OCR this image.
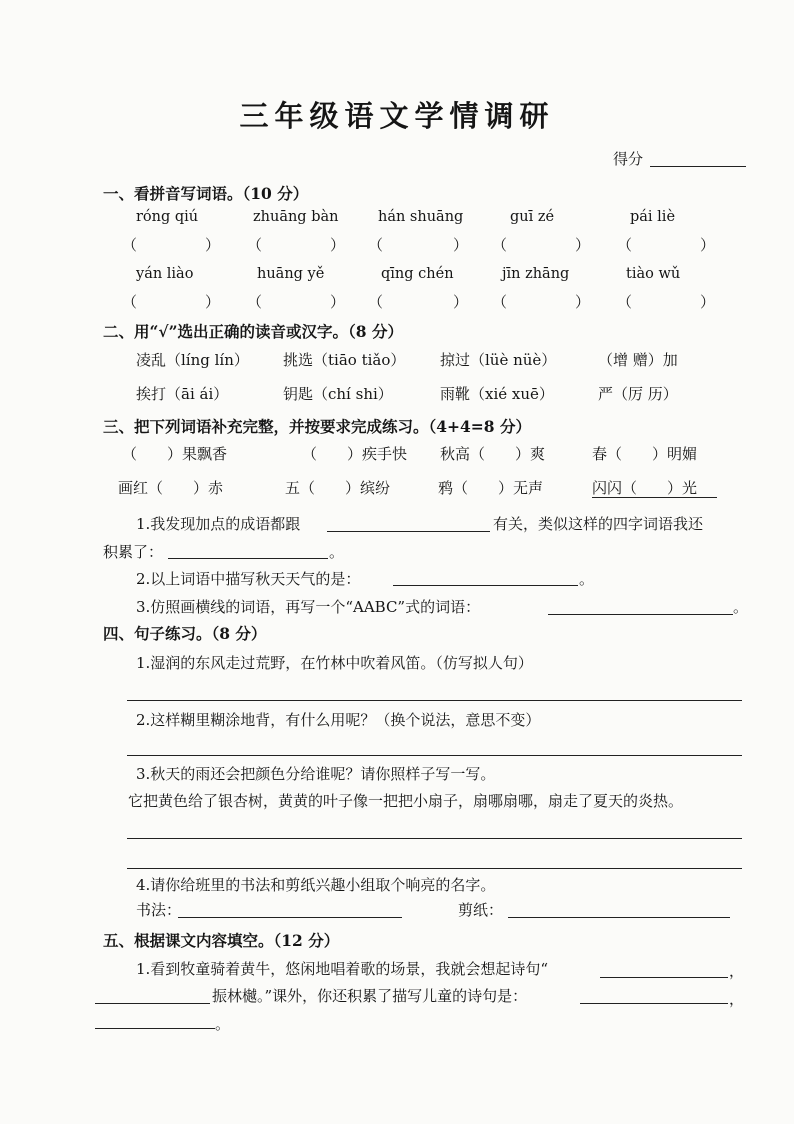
三年级语文学情调研
得分
一、看拼音写词语。（10 分）
róng qiú	zhuāng bàn	hán shuāng	guī zé	pái liè
（	） （	） （	） （	） （	）
yán liào	huāng yě	qīng chén	jīn zhāng	tiào wǔ
（	） （	） （	） （	） （	）
二、用“√”选出正确的读音或汉字。（8 分）
凌乱（líng lín） 挑选（tiāo tiǎo） 掠过（lüè nüè）	（增 赠）加
挨打（āi ái）	钥匙（chí shi）	雨靴（xié xuē）	严（厉 历）
三、把下列词语补充完整，并按要求完成练习。（4+4=8 分）
（　　）果飘香	（　　）疾手快 秋高（　　）爽	春（　　）明媚
画红（　　）赤	五（　　）缤纷	鸦（　　）无声	闪闪（　　）光
1.我发现加点的成语都跟	有关，类似这样的四字词语我还
积累了：	。
2.以上词语中描写秋天天气的是：	。
3.仿照画横线的词语，再写一个“AABC”式的词语：	。
四、句子练习。（8 分）
1.湿润的东风走过荒野，在竹林中吹着风笛。（仿写拟人句）
2.这样糊里糊涂地背，有什么用呢？（换个说法，意思不变）
3.秋天的雨还会把颜色分给谁呢？请你照样子写一写。
它把黄色给了银杏树，黄黄的叶子像一把把小扇子，扇哪扇哪，扇走了夏天的炎热。
4.请你给班里的书法和剪纸兴趣小组取个响亮的名字。
书法：	剪纸：
五、根据课文内容填空。（12 分）
1.看到牧童骑着黄牛，悠闲地唱着歌的场景，我就会想起诗句“	，
振林樾。”课外，你还积累了描写儿童的诗句是：	，
。
